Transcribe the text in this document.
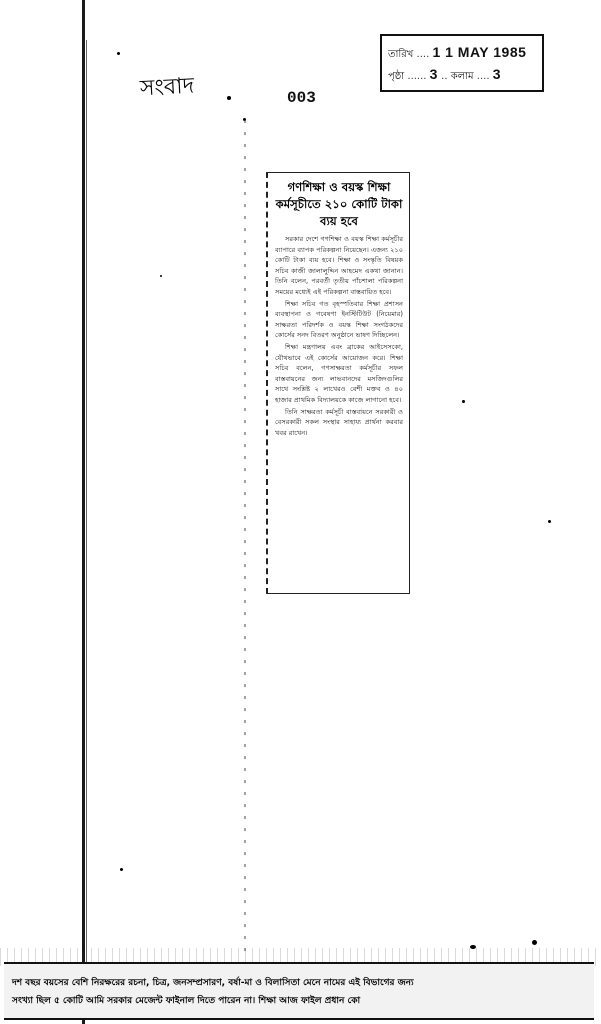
তারিখ .... 1 1 MAY 1985
পৃষ্ঠা ...... 3 .. কলাম .... 3
সংবাদ	003
গণশিক্ষা ও বয়স্ক শিক্ষা কর্মসূচীতে ২১০ কোটি টাকা ব্যয় হবে

সরকার দেশে গণশিক্ষা ও বয়স্ক শিক্ষা কর্মসূচীর ব্যাপারে ব্যাপক পরিকল্পনা নিয়েছেন। এজন্য ২১০ কোটি টাকা ব্যয় হবে। শিক্ষা ও সংস্কৃতি বিষয়ক সচিব কাজী জালালুদ্দিন আহমেদ একথা জানান। তিনি বলেন, পরবর্তী তৃতীয় পাঁচশালা পরিকল্পনা সময়ের মধ্যেই এই পরিকল্পনা বাস্তবায়িত হবে।

শিক্ষা সচিব গত বৃহস্পতিবার শিক্ষা প্রশাসন ব্যবস্থাপনা ও গবেষণা ইনস্টিটিউট (নিয়েমার) সাক্ষরতা পরিদর্শক ও বয়স্ক শিক্ষা সংগঠকদের কোর্সের সনদ বিতরণ অনুষ্ঠানে ভাষণ দিচ্ছিলেন।

শিক্ষা মন্ত্রণালয় এবং ব্রাকের আইসেসকো, যৌথভাবে এই কোর্সের আয়োজন করে। শিক্ষা সচিব বলেন, গণসাক্ষরতা কর্মসূচীর সফল বাস্তবায়নের জন্য লাভবানদের মসজিদগুলির সাথে সংশ্লিষ্ট ২ লাখেরও বেশী মক্তব ও ৪০ হাজার প্রাথমিক বিদ্যালয়কে কাজে লাগানো হবে।

তিনি সাক্ষরতা কর্মসূচী বাস্তবায়নে সরকারী ও বেসরকারী সকল সংস্থার সাহায্য প্রার্থনা করবার খবর রাখেন।

দশ বছর বয়সের বেশি নিরক্ষরের রচনা, চিত্র, জনসম্প্রসারণ, বর্ষা-মা ও বিলাসিতা মেনে নামের এই বিভাগের জন্য
সংখ্যা ছিল ৫ কোটি আমি সরকার মেজেন্ট ফাইনাল দিতে পারেন না। শিক্ষা আজ ফাইল প্রধান কো
